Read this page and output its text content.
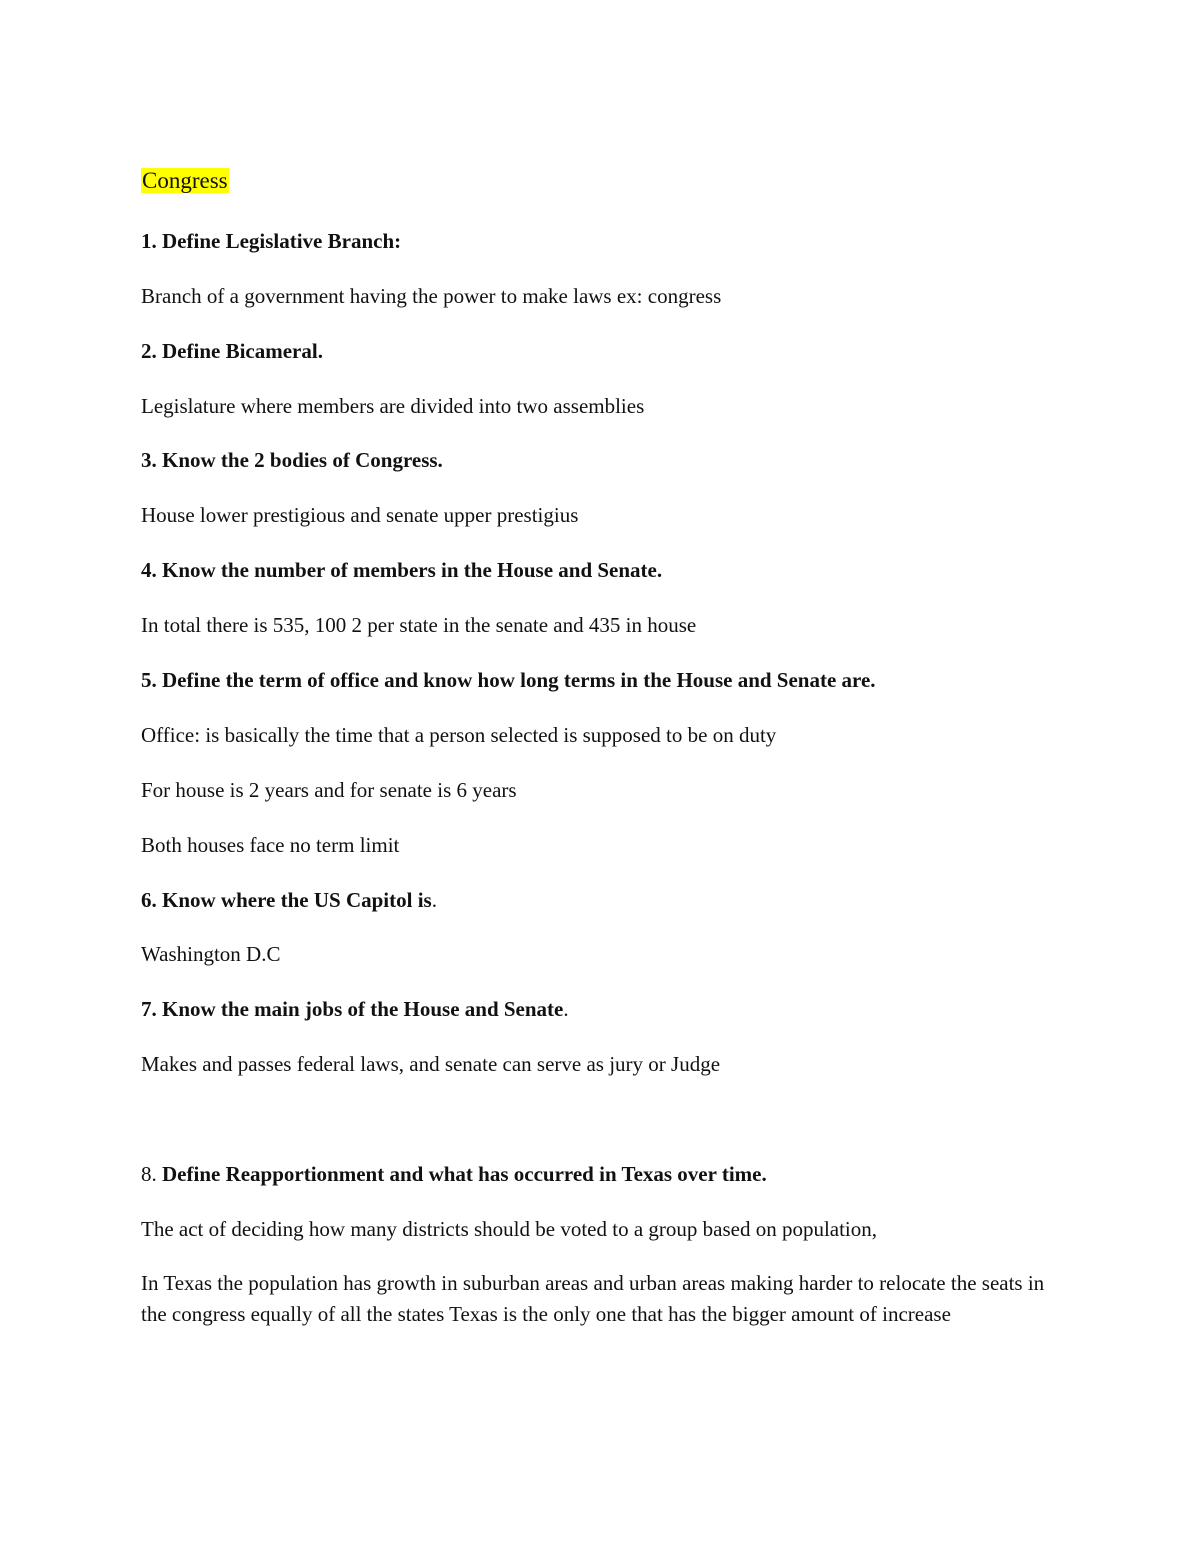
Congress

1. Define Legislative Branch:

Branch of a government having the power to make laws ex: congress

2. Define Bicameral.

Legislature where members are divided into two assemblies

3. Know the 2 bodies of Congress.

House lower prestigious and senate upper prestigius

4. Know the number of members in the House and Senate.

In total there is 535, 100 2 per state in the senate and 435 in house

5. Define the term of office and know how long terms in the House and Senate are.

Office: is basically the time that a person selected is supposed to be on duty

For house is 2 years and for senate is 6 years

Both houses face no term limit

6. Know where the US Capitol is.

Washington D.C

7. Know the main jobs of the House and Senate.

Makes and passes federal laws, and senate can serve as jury or Judge

8. Define Reapportionment and what has occurred in Texas over time.

The act of deciding how many districts should be voted to a group based on population,

In Texas the population has growth in suburban areas and urban areas making harder to relocate the seats in the congress equally of all the states Texas is the only one that has the bigger amount of increase
